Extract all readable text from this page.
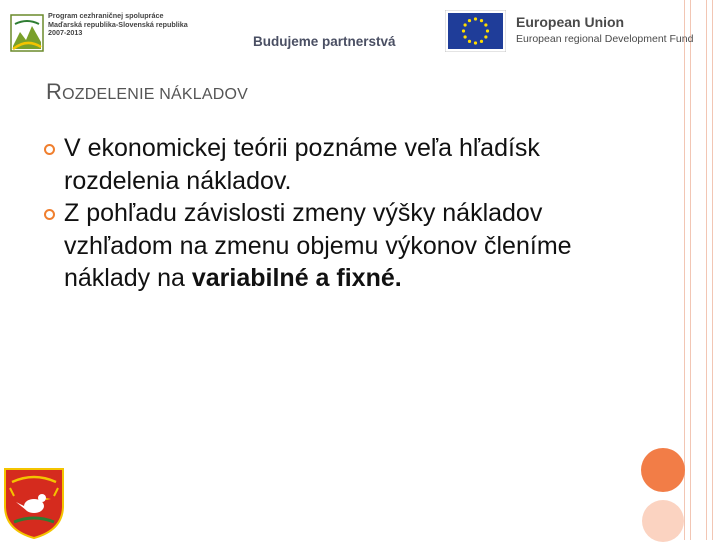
Program cezhraničnej spolupráce
Maďarská republika-Slovenská republika
2007-2013
Budujeme partnerstvá
European Union
European regional Development Fund
ROZDELENIE NÁKLADOV
V ekonomickej teórii poznáme veľa hľadísk rozdelenia nákladov.
Z pohľadu závislosti zmeny výšky nákladov vzhľadom na zmenu objemu výkonov členíme náklady na variabilné a fixné.
